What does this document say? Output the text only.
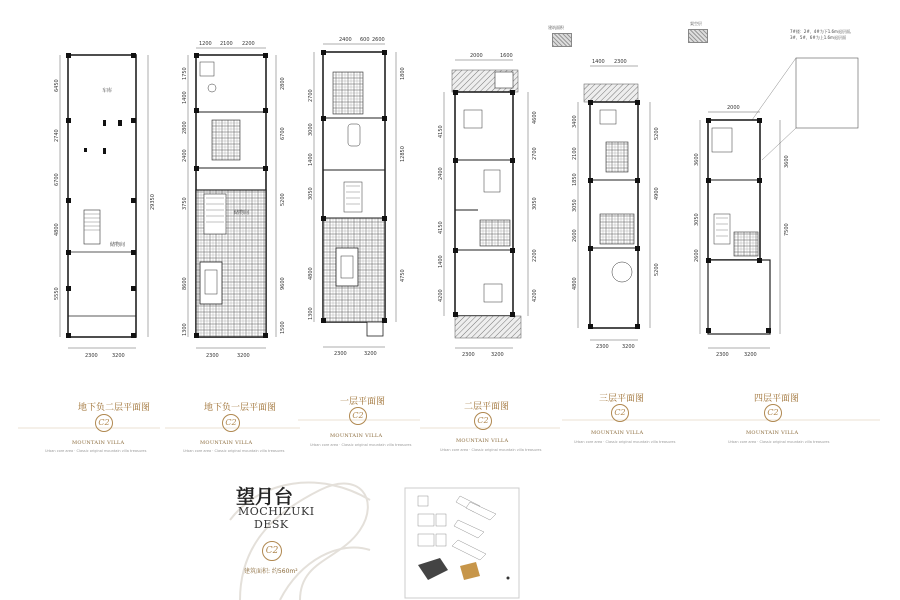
2300	3200
6450
2740
6700
4800
5550
29350
车库
储物间
1200 2100 2200
2300	3200
1750
1400
2800
2400
3750
8600
1300
2800
6700
5200
9600
1500
储物间
2400 600 2600
2300	3200
2700
3000
1400
3050
4800
1300
1800
12850
4750
2000	1600
2300	3200
4150
2400
4150
1400
4200
4600
2700
3050
2200
4200
1400 2300
2300	3200
3400
2100
1850
3050
2600
4800
5200
4900
5200
2000
2300	3200
3600
3050
2600
3600
7500
建筑面积
架空层
7#楼：2#、4#为下1.6m退层面,
3#、5#、6#为上1.6m退层面
地下负二层平面图
C2
MOUNTAIN VILLA
Urban core area · Classic original mountain villa treasures
地下负一层平面图
C2
MOUNTAIN VILLA
Urban core area · Classic original mountain villa treasures
一层平面图
C2
MOUNTAIN VILLA
Urban core area · Classic original mountain villa treasures
二层平面图
C2
MOUNTAIN VILLA
Urban core area · Classic original mountain villa treasures
三层平面图
C2
MOUNTAIN VILLA
Urban core area · Classic original mountain villa treasures
四层平面图
C2
MOUNTAIN VILLA
Urban core area · Classic original mountain villa treasures
望月台
MOCHIZUKI
DESK
C2
建筑面积: 约560m²
